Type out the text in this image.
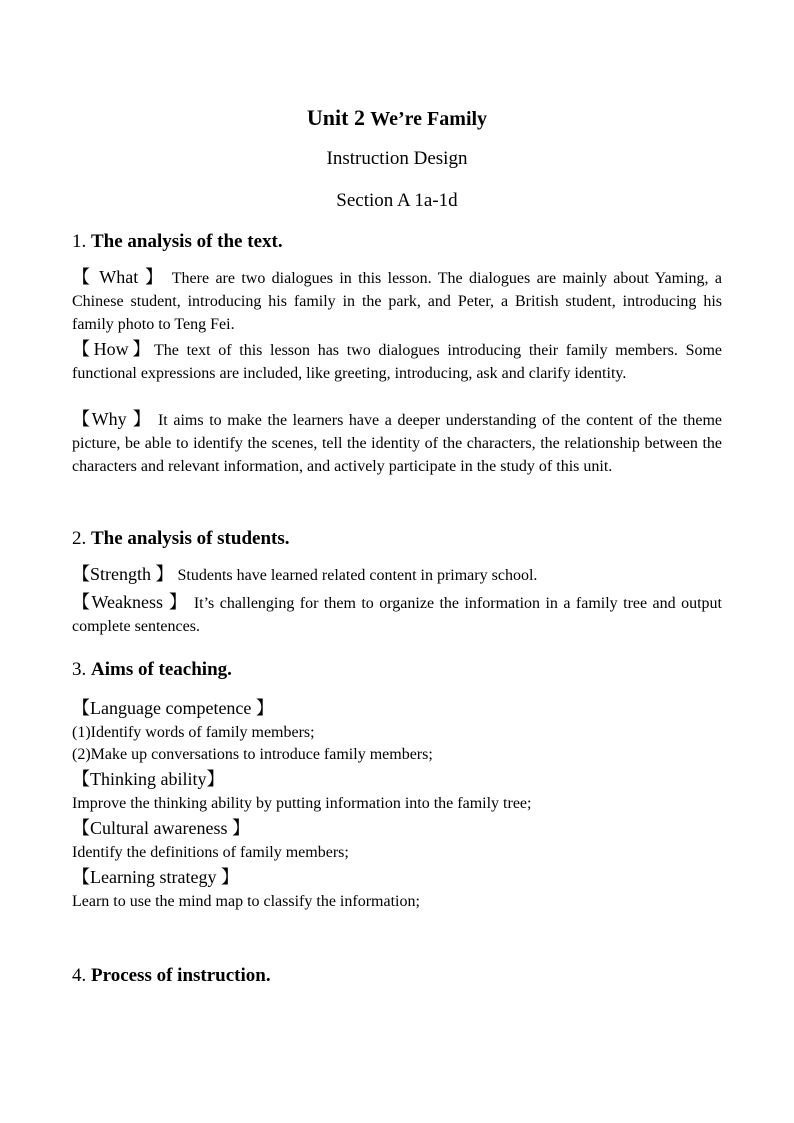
Unit 2 We’re Family
Instruction Design
Section A 1a-1d
1. The analysis of the text.
【 What 】 There are two dialogues in this lesson. The dialogues are mainly about Yaming, a Chinese student, introducing his family in the park, and Peter, a British student, introducing his family photo to Teng Fei.
【How】The text of this lesson has two dialogues introducing their family members. Some functional expressions are included, like greeting, introducing, ask and clarify identity.
【Why 】 It aims to make the learners have a deeper understanding of the content of the theme picture, be able to identify the scenes, tell the identity of the characters, the relationship between the characters and relevant information, and actively participate in the study of this unit.
2. The analysis of students.
【Strength 】 Students have learned related content in primary school.
【Weakness 】 It’s challenging for them to organize the information in a family tree and output complete sentences.
3. Aims of teaching.
【Language competence 】
(1)Identify words of family members;
(2)Make up conversations to introduce family members;
【Thinking ability】
Improve the thinking ability by putting information into the family tree;
【Cultural awareness 】
Identify the definitions of family members;
【Learning strategy 】
Learn to use the mind map to classify the information;
4. Process of instruction.
